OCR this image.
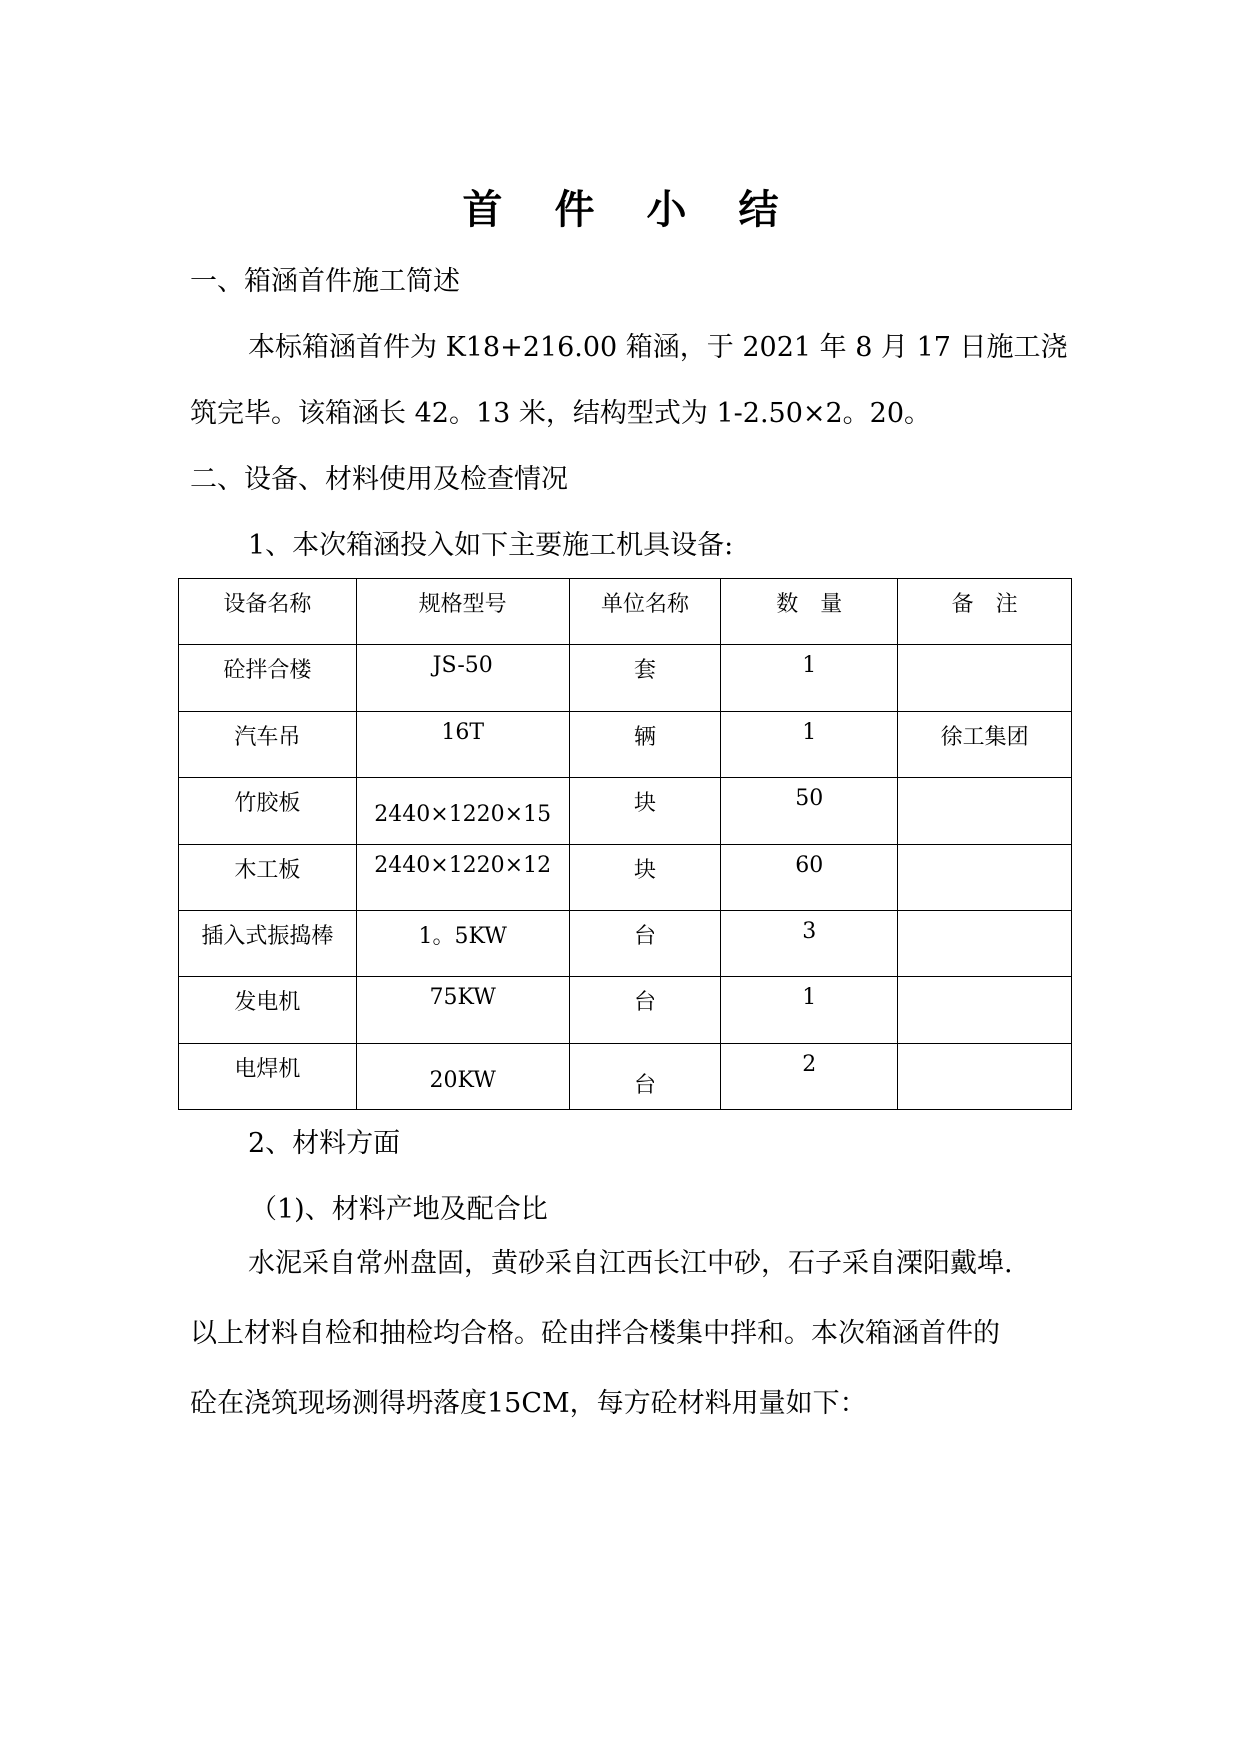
首 件 小 结
一、箱涵首件施工简述
本标箱涵首件为 K18+216.00 箱涵，于 2021 年 8 月 17 日施工浇
筑完毕。该箱涵长 42。13 米，结构型式为 1-2.50×2。20。
二、设备、材料使用及检查情况
1、本次箱涵投入如下主要施工机具设备:
设备名称	规格型号	单位名称	数　量	备　注
砼拌合楼	JS-50	套	1	
汽车吊	16T	辆	1	徐工集团
竹胶板	2440×1220×15	块	50	
木工板	2440×1220×12	块	60	
插入式振捣棒	1。5KW	台	3	
发电机	75KW	台	1	
电焊机	20KW	台	2	
2、材料方面
（1)、材料产地及配合比
水泥采自常州盘固，黄砂采自江西长江中砂，石子采自溧阳戴埠.
以上材料自检和抽检均合格。砼由拌合楼集中拌和。本次箱涵首件的
砼在浇筑现场测得坍落度15CM，每方砼材料用量如下：
